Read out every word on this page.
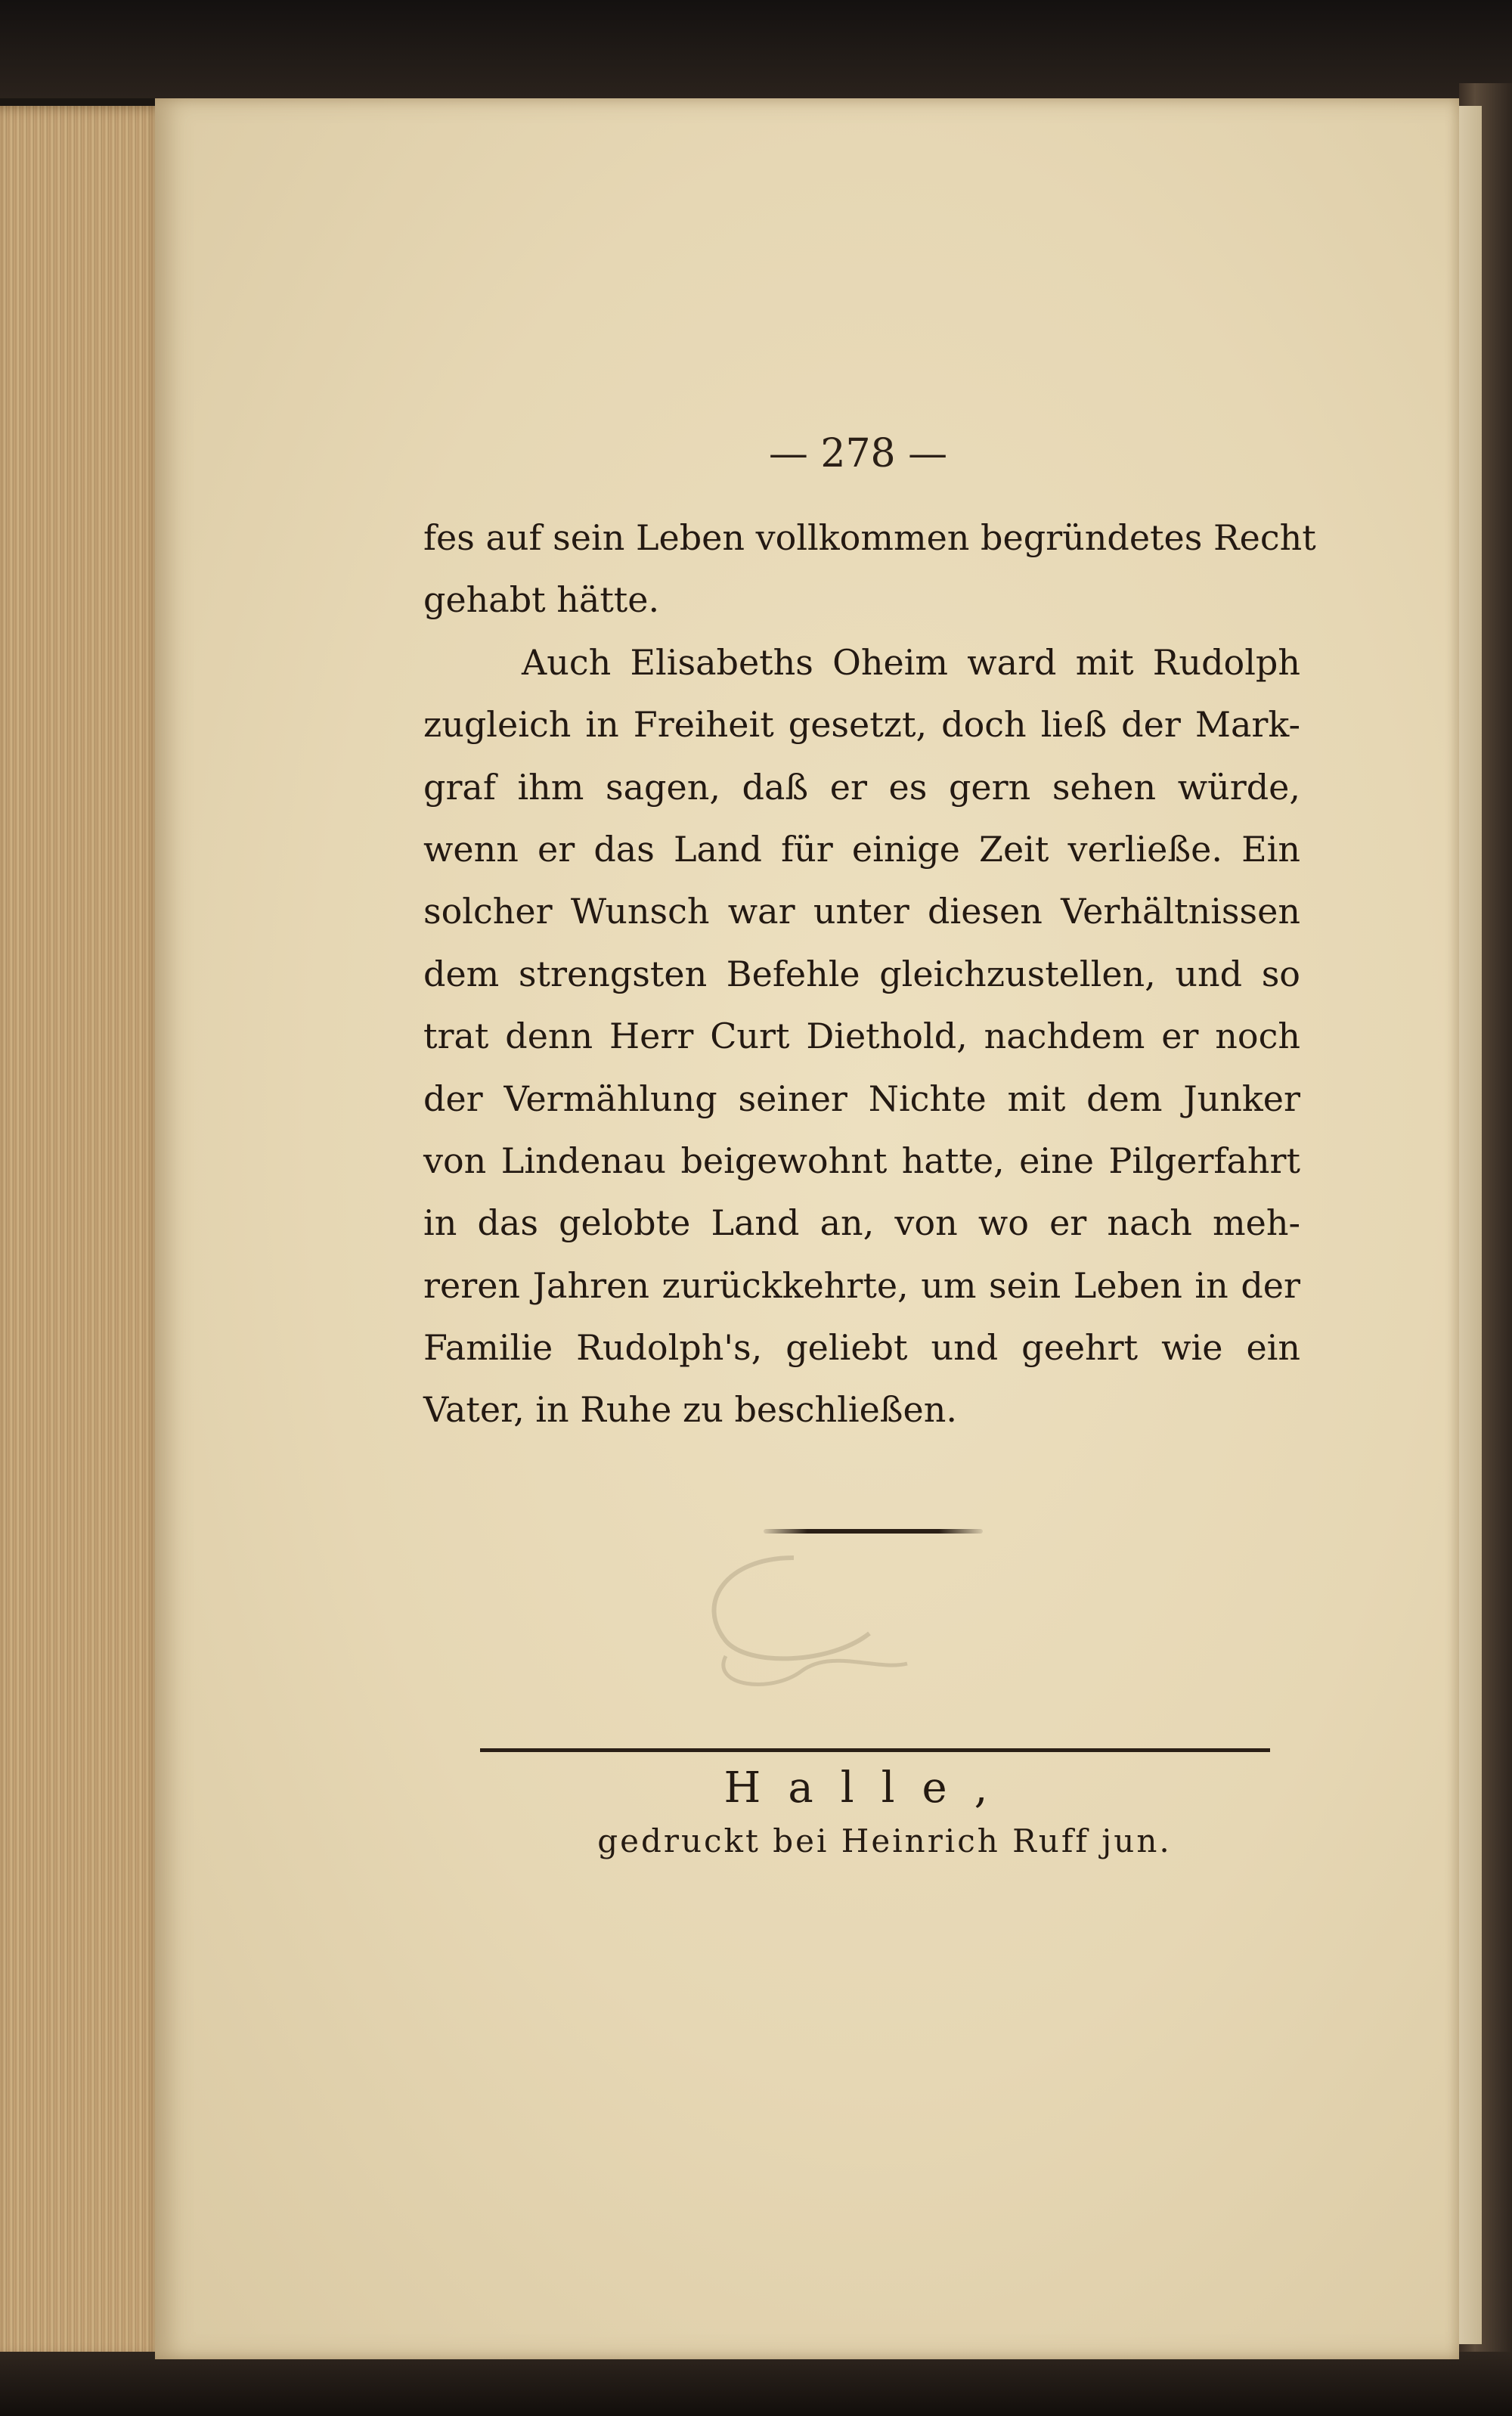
— 278 —
fes auf sein Leben vollkommen begründetes Recht
gehabt hätte.
Auch Elisabeths Oheim ward mit Rudolph
zugleich in Freiheit gesetzt, doch ließ der Mark-
graf ihm sagen, daß er es gern sehen würde,
wenn er das Land für einige Zeit verließe. Ein
solcher Wunsch war unter diesen Verhältnissen
dem strengsten Befehle gleichzustellen, und so
trat denn Herr Curt Diethold, nachdem er noch
der Vermählung seiner Nichte mit dem Junker
von Lindenau beigewohnt hatte, eine Pilgerfahrt
in das gelobte Land an, von wo er nach meh-
reren Jahren zurückkehrte, um sein Leben in der
Familie Rudolph's, geliebt und geehrt wie ein
Vater, in Ruhe zu beschließen.
Halle,
gedruckt bei Heinrich Ruff jun.
